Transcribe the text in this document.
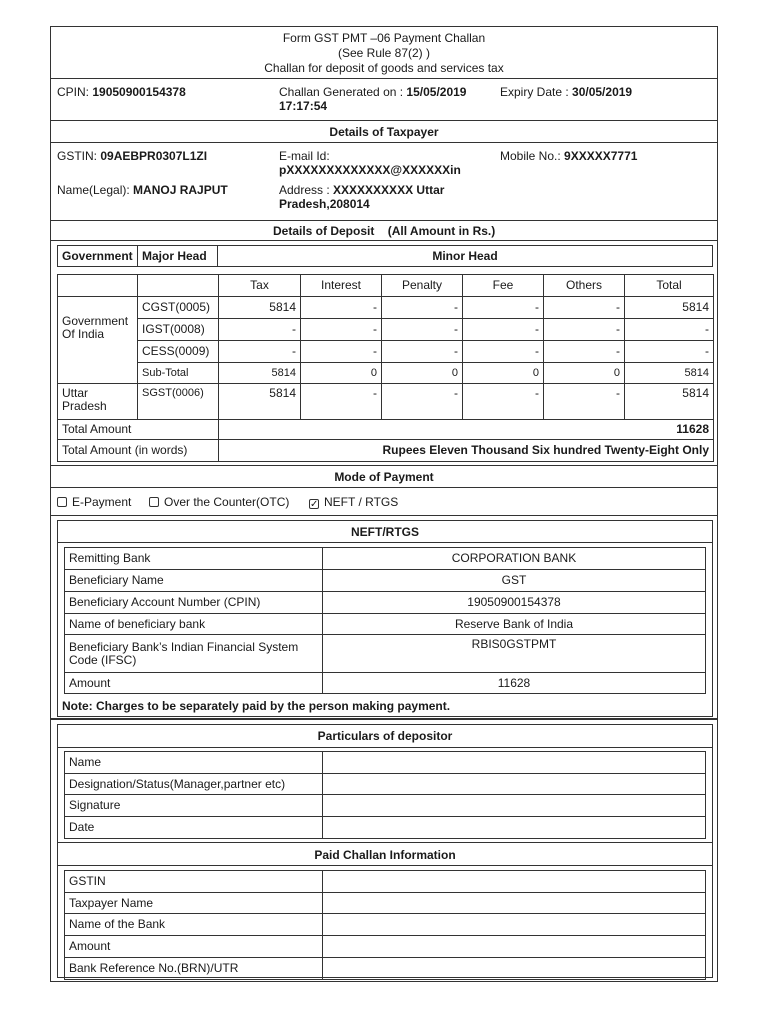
Form GST PMT –06 Payment Challan
(See Rule 87(2) )
Challan for deposit of goods and services tax
CPIN: 19050900154378	Challan Generated on : 15/05/2019
17:17:54
Expiry Date : 30/05/2019
Details of Taxpayer
GSTIN: 09AEBPR0307L1ZI	E-mail Id:
pXXXXXXXXXXXXX@XXXXXXin
Mobile No.: 9XXXXX7771
Name(Legal): MANOJ RAJPUT	Address : XXXXXXXXXX Uttar
Pradesh,208014
Details of Deposit (All Amount in Rs.)
Government	Major Head	Minor Head
		Tax	Interest	Penalty	Fee	Others	Total
Government Of India	CGST(0005)	5814	-	-	-	-	5814
	IGST(0008)	-	-	-	-	-	-
	CESS(0009)	-	-	-	-	-	-
	Sub-Total	5814	0	0	0	0	5814
Uttar Pradesh	SGST(0006)	5814	-	-	-	-	5814
Total Amount		11628					
Total Amount (in words)		Rupees Eleven Thousand Six hundred Twenty-Eight Only					
Mode of Payment
E-Payment	Over the Counter(OTC) ✓ NEFT / RTGS
NEFT/RTGS
Remitting Bank	CORPORATION BANK
Beneficiary Name	GST
Beneficiary Account Number (CPIN)	19050900154378
Name of beneficiary bank	Reserve Bank of India
Beneficiary Bank’s Indian Financial System Code (IFSC)	RBIS0GSTPMT
Amount	11628
Note: Charges to be separately paid by the person making payment.
Particulars of depositor
Name	
Designation/Status(Manager,partner etc)	
Signature	
Date	
Paid Challan Information
GSTIN	
Taxpayer Name	
Name of the Bank	
Amount	
Bank Reference No.(BRN)/UTR	
